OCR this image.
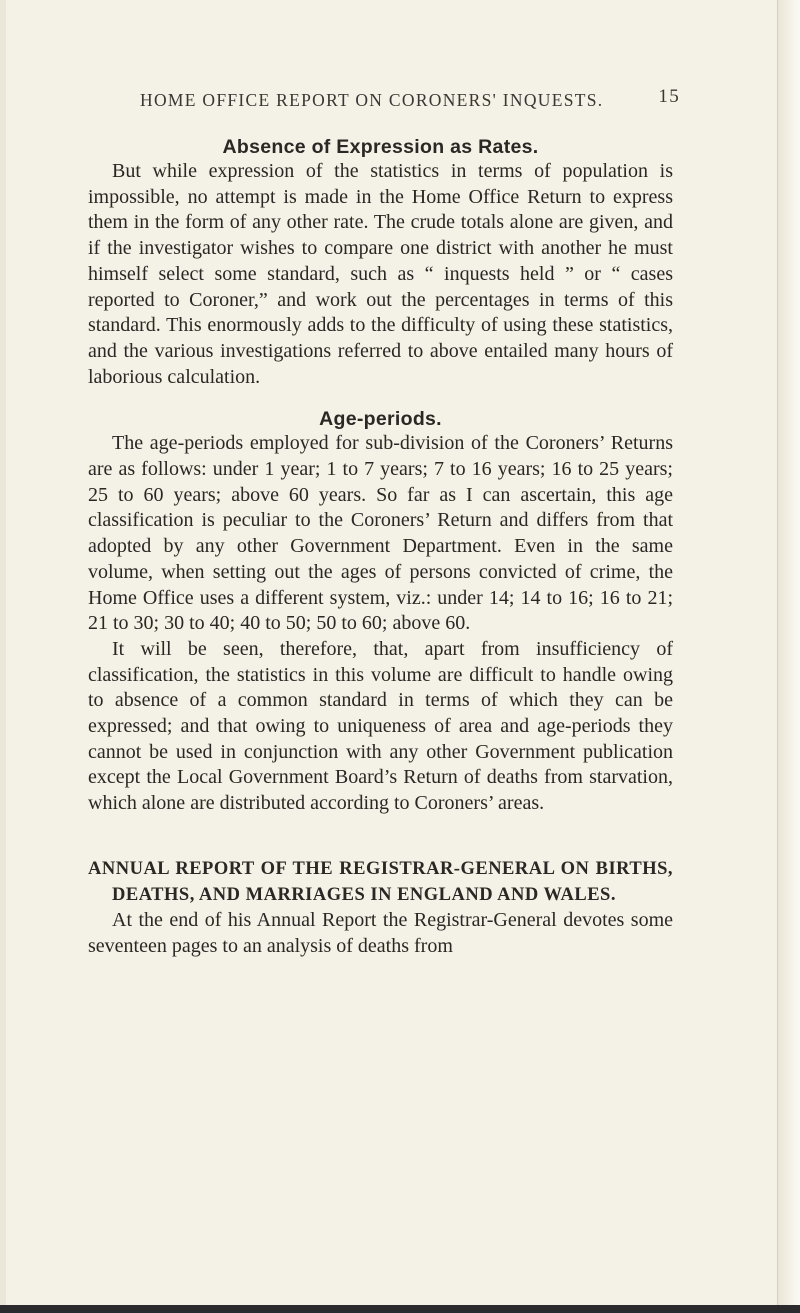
HOME OFFICE REPORT ON CORONERS' INQUESTS.	15
Absence of Expression as Rates.

But while expression of the statistics in terms of population is impossible, no attempt is made in the Home Office Return to express them in the form of any other rate. The crude totals alone are given, and if the investigator wishes to compare one district with another he must himself select some standard, such as “ inquests held ” or “ cases reported to Coroner,” and work out the percentages in terms of this standard. This enormously adds to the difficulty of using these statistics, and the various investigations referred to above entailed many hours of laborious calculation.

Age-periods.

The age-periods employed for sub-division of the Coroners’ Returns are as follows: under 1 year; 1 to 7 years; 7 to 16 years; 16 to 25 years; 25 to 60 years; above 60 years. So far as I can ascertain, this age classification is peculiar to the Coroners’ Return and differs from that adopted by any other Government Department. Even in the same volume, when setting out the ages of persons convicted of crime, the Home Office uses a different system, viz.: under 14; 14 to 16; 16 to 21; 21 to 30; 30 to 40; 40 to 50; 50 to 60; above 60.

It will be seen, therefore, that, apart from insufficiency of classification, the statistics in this volume are difficult to handle owing to absence of a common standard in terms of which they can be expressed; and that owing to uniqueness of area and age-periods they cannot be used in conjunction with any other Government publication except the Local Government Board’s Return of deaths from starvation, which alone are distributed according to Coroners’ areas.

ANNUAL REPORT OF THE REGISTRAR-GENERAL ON BIRTHS, DEATHS, AND MARRIAGES IN ENGLAND AND WALES.

At the end of his Annual Report the Registrar-General devotes some seventeen pages to an analysis of deaths from
